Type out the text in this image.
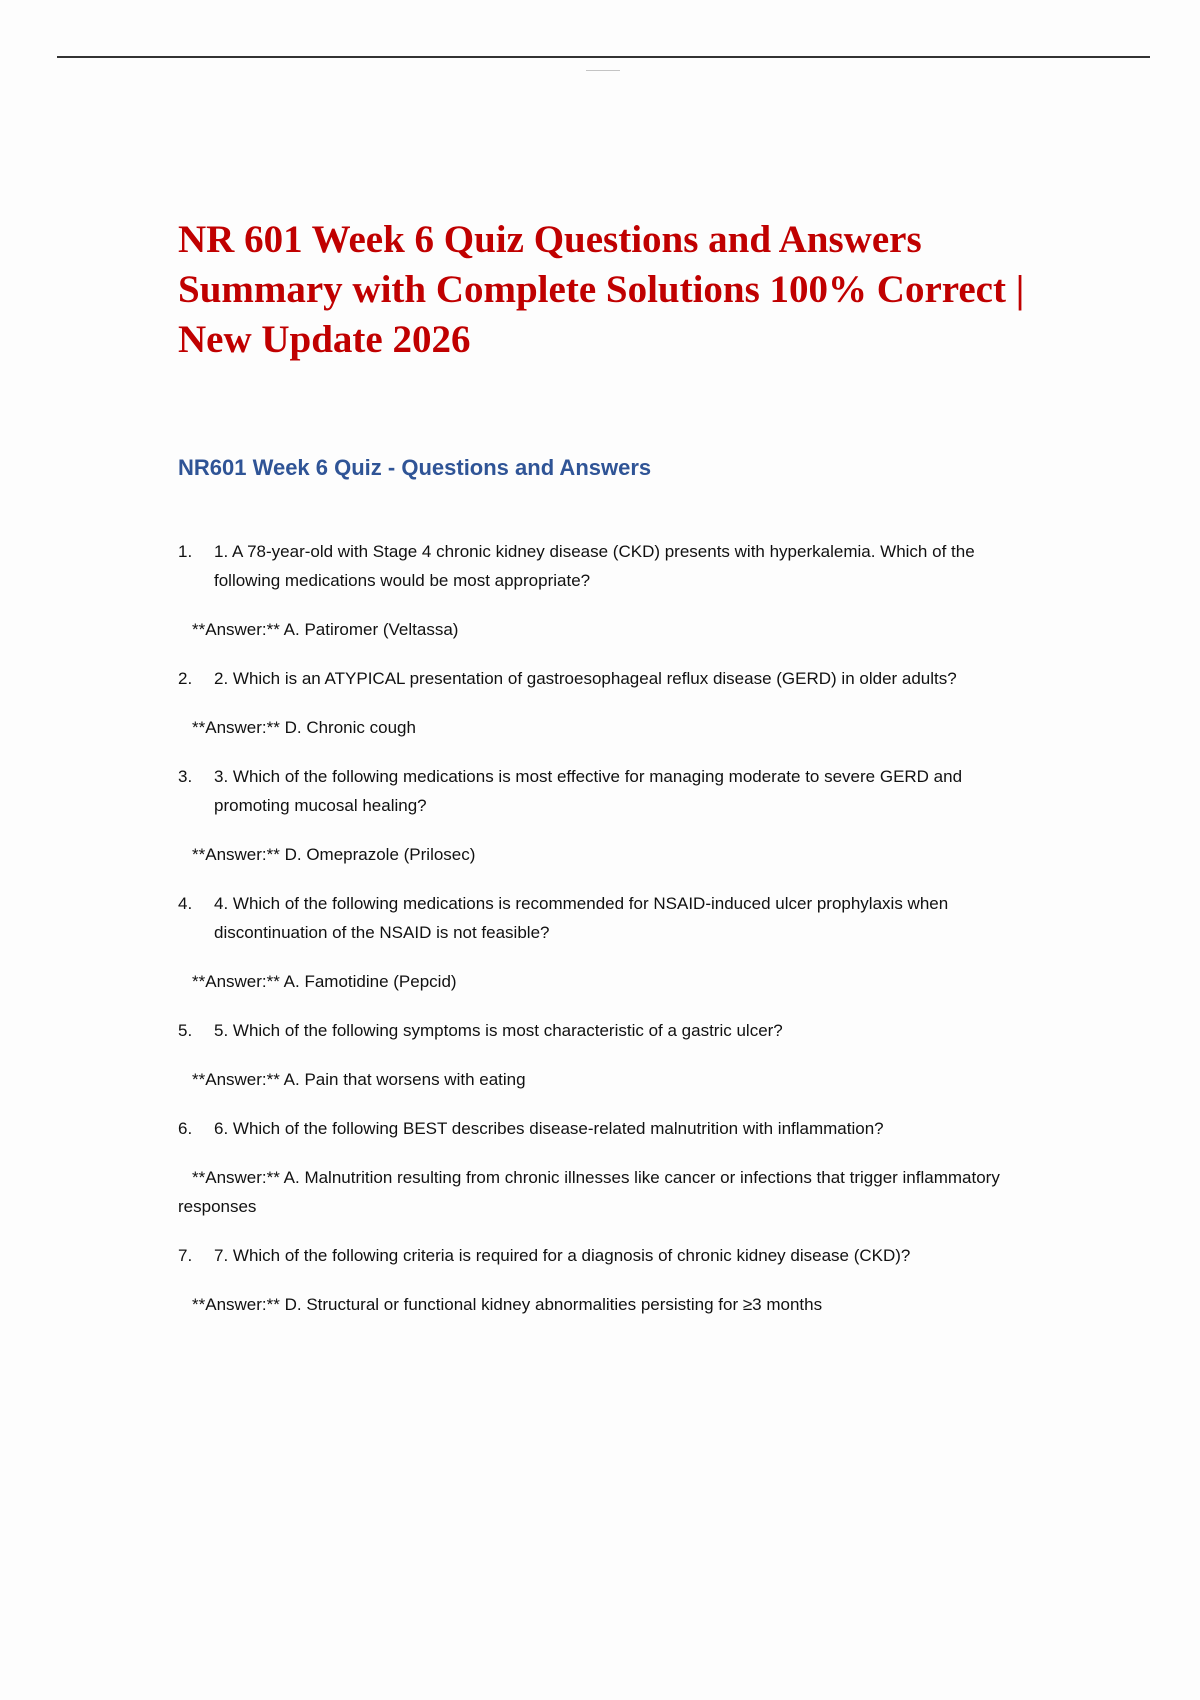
NR 601 Week 6 Quiz Questions and Answers Summary with Complete Solutions 100% Correct | New Update 2026
NR601 Week 6 Quiz - Questions and Answers

1. 1. A 78-year-old with Stage 4 chronic kidney disease (CKD) presents with hyperkalemia. Which of the following medications would be most appropriate?

**Answer:** A. Patiromer (Veltassa)

2. 2. Which is an ATYPICAL presentation of gastroesophageal reflux disease (GERD) in older adults?

**Answer:** D. Chronic cough

3. 3. Which of the following medications is most effective for managing moderate to severe GERD and promoting mucosal healing?

**Answer:** D. Omeprazole (Prilosec)

4. 4. Which of the following medications is recommended for NSAID-induced ulcer prophylaxis when discontinuation of the NSAID is not feasible?

**Answer:** A. Famotidine (Pepcid)

5. 5. Which of the following symptoms is most characteristic of a gastric ulcer?

**Answer:** A. Pain that worsens with eating

6. 6. Which of the following BEST describes disease-related malnutrition with inflammation?

**Answer:** A. Malnutrition resulting from chronic illnesses like cancer or infections that trigger inflammatory responses

7. 7. Which of the following criteria is required for a diagnosis of chronic kidney disease (CKD)?

**Answer:** D. Structural or functional kidney abnormalities persisting for ≥3 months
